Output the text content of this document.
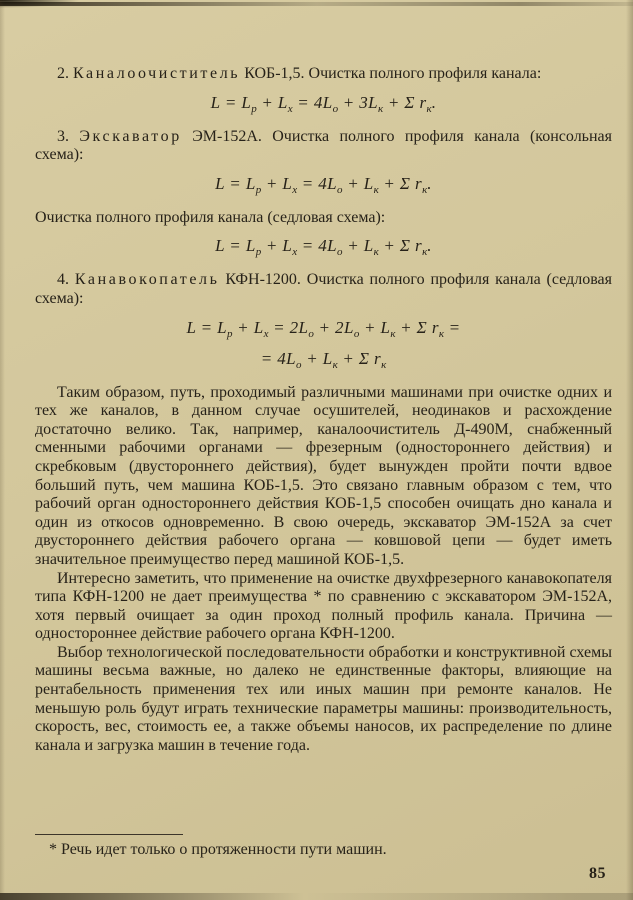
2. Каналоочиститель КОБ-1,5. Очистка полного профиля канала:

$L = L_р + L_х = 4L_о + 3L_к + \Sigma$ $r_к$.

3. Экскаватор ЭМ-152А. Очистка полного профиля канала (консольная схема):

$L = L_р + L_х = 4L_о + L_к + \Sigma$ $r_к$.

Очистка полного профиля канала (седловая схема):

$L = L_р + L_х = 4L_о + L_к + \Sigma$ $r_к$.

4. Канавокопатель КФН-1200. Очистка полного профиля канала (седловая схема):

$L = L_р + L_х = 2L_о + 2L_о + L_к + \Sigma$ $r_к$ =
= $4L_о + L_к + \Sigma$ $r_к$

Таким образом, путь, проходимый различными машинами при очистке одних и тех же каналов, в данном случае осушителей, неодинаков и расхождение достаточно велико. Так, например, каналоочиститель Д-490М, снабженный сменными рабочими органами — фрезерным (одностороннего действия) и скребковым (двустороннего действия), будет вынужден пройти почти вдвое больший путь, чем машина КОБ-1,5. Это связано главным образом с тем, что рабочий орган одностороннего действия КОБ-1,5 способен очищать дно канала и один из откосов одновременно. В свою очередь, экскаватор ЭМ-152А за счет двустороннего действия рабочего органа — ковшовой цепи — будет иметь значительное преимущество перед машиной КОБ-1,5.

Интересно заметить, что применение на очистке двухфрезерного канавокопателя типа КФН-1200 не дает преимущества * по сравнению с экскаватором ЭМ-152А, хотя первый очищает за один проход полный профиль канала. Причина — одностороннее действие рабочего органа КФН-1200.

Выбор технологической последовательности обработки и конструктивной схемы машины весьма важные, но далеко не единственные факторы, влияющие на рентабельность применения тех или иных машин при ремонте каналов. Не меньшую роль будут играть технические параметры машины: производительность, скорость, вес, стоимость ее, а также объемы наносов, их распределение по длине канала и загрузка машин в течение года.

* Речь идет только о протяженности пути машин.

85
